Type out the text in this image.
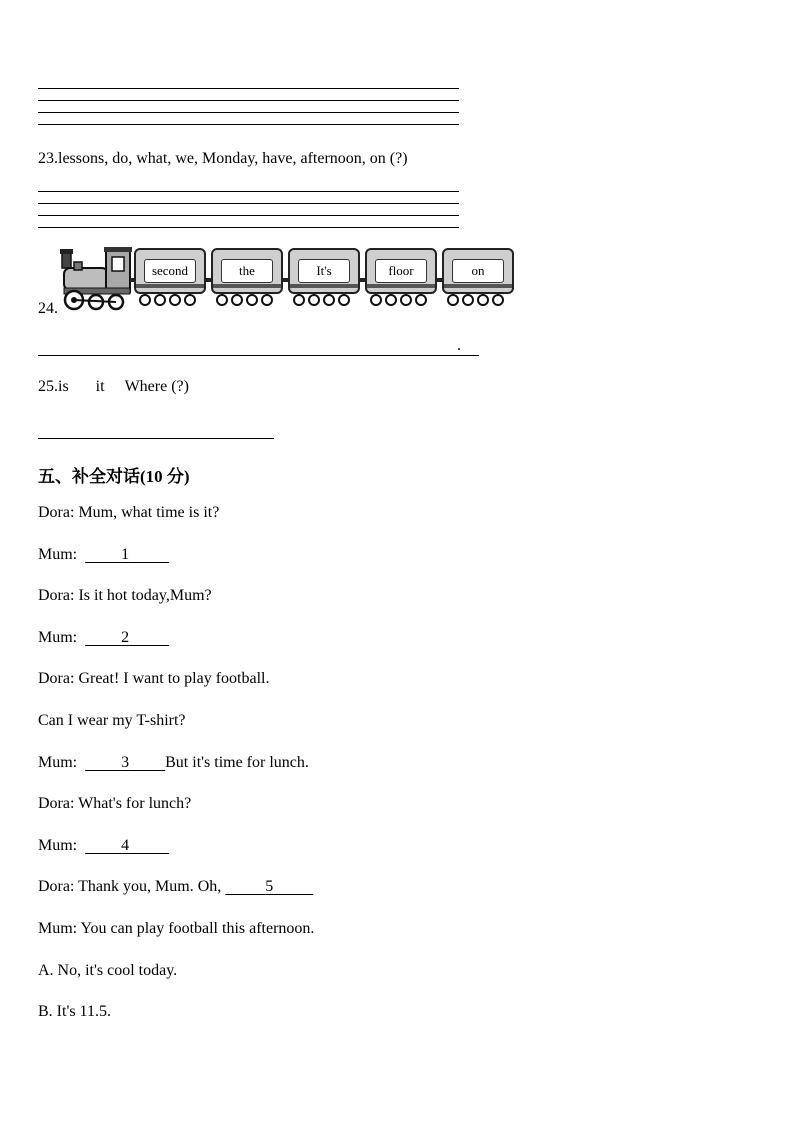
23.lessons, do, what, we, Monday, have, afternoon, on (?)
24.
second	the	It's	floor	on
.
25.is it Where (?)
五、补全对话(10 分)
Dora: Mum, what time is it?
Mum:	1
Dora: Is it hot today,Mum?
Mum:	2
Dora: Great! I want to play football.
Can I wear my T-shirt?
Mum:	3 But it's time for lunch.
Dora: What's for lunch?
Mum:	4
Dora: Thank you, Mum. Oh,	5
Mum: You can play football this afternoon.
A. No, it's cool today.
B. It's 11.5.
